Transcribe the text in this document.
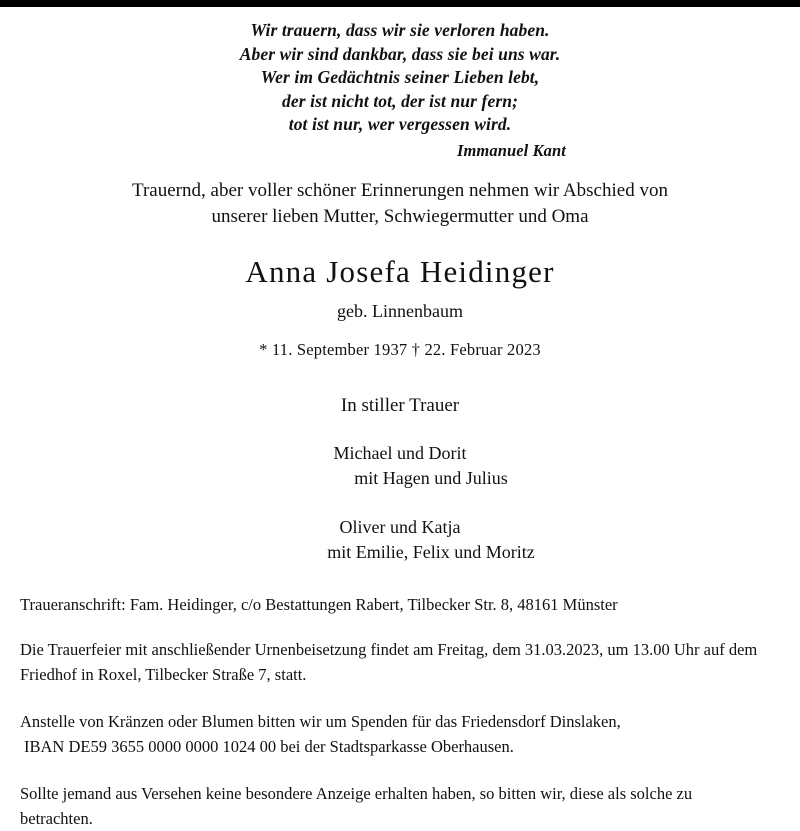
Wir trauern, dass wir sie verloren haben.
Aber wir sind dankbar, dass sie bei uns war.
Wer im Gedächtnis seiner Lieben lebt,
der ist nicht tot, der ist nur fern;
tot ist nur, wer vergessen wird.
Immanuel Kant
Trauernd, aber voller schöner Erinnerungen nehmen wir Abschied von
unserer lieben Mutter, Schwiegermutter und Oma
Anna Josefa Heidinger
geb. Linnenbaum
* 11. September 1937 † 22. Februar 2023
In stiller Trauer
Michael und Dorit
mit Hagen und Julius
Oliver und Katja
mit Emilie, Felix und Moritz
Traueranschrift: Fam. Heidinger, c/o Bestattungen Rabert, Tilbecker Str. 8, 48161 Münster
Die Trauerfeier mit anschließender Urnenbeisetzung findet am Freitag, dem 31.03.2023, um 13.00 Uhr auf dem
Friedhof in Roxel, Tilbecker Straße 7, statt.
Anstelle von Kränzen oder Blumen bitten wir um Spenden für das Friedensdorf Dinslaken,
IBAN DE59 3655 0000 0000 1024 00 bei der Stadtsparkasse Oberhausen.
Sollte jemand aus Versehen keine besondere Anzeige erhalten haben, so bitten wir, diese als solche zu
betrachten.
